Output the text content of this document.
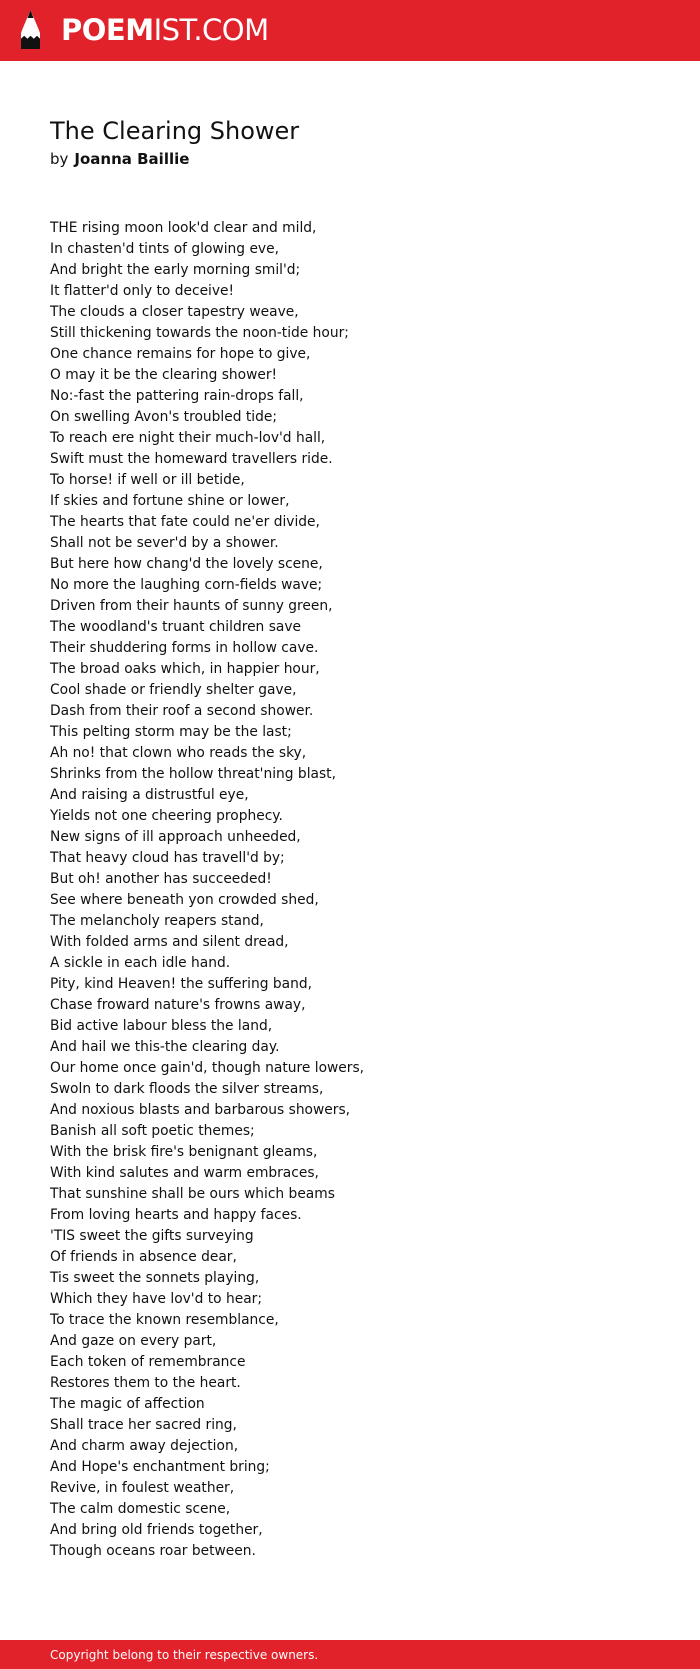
POEMIST.COM
The Clearing Shower
by Joanna Baillie
THE rising moon look'd clear and mild,
In chasten'd tints of glowing eve,
And bright the early morning smil'd;
It flatter'd only to deceive!
The clouds a closer tapestry weave,
Still thickening towards the noon-tide hour;
One chance remains for hope to give,
O may it be the clearing shower!
No:-fast the pattering rain-drops fall,
On swelling Avon's troubled tide;
To reach ere night their much-lov'd hall,
Swift must the homeward travellers ride.
To horse! if well or ill betide,
If skies and fortune shine or lower,
The hearts that fate could ne'er divide,
Shall not be sever'd by a shower.
But here how chang'd the lovely scene,
No more the laughing corn-fields wave;
Driven from their haunts of sunny green,
The woodland's truant children save
Their shuddering forms in hollow cave.
The broad oaks which, in happier hour,
Cool shade or friendly shelter gave,
Dash from their roof a second shower.
This pelting storm may be the last;
Ah no! that clown who reads the sky,
Shrinks from the hollow threat'ning blast,
And raising a distrustful eye,
Yields not one cheering prophecy.
New signs of ill approach unheeded,
That heavy cloud has travell'd by;
But oh! another has succeeded!
See where beneath yon crowded shed,
The melancholy reapers stand,
With folded arms and silent dread,
A sickle in each idle hand.
Pity, kind Heaven! the suffering band,
Chase froward nature's frowns away,
Bid active labour bless the land,
And hail we this-the clearing day.
Our home once gain'd, though nature lowers,
Swoln to dark floods the silver streams,
And noxious blasts and barbarous showers,
Banish all soft poetic themes;
With the brisk fire's benignant gleams,
With kind salutes and warm embraces,
That sunshine shall be ours which beams
From loving hearts and happy faces.
'TIS sweet the gifts surveying
Of friends in absence dear,
Tis sweet the sonnets playing,
Which they have lov'd to hear;
To trace the known resemblance,
And gaze on every part,
Each token of remembrance
Restores them to the heart.
The magic of affection
Shall trace her sacred ring,
And charm away dejection,
And Hope's enchantment bring;
Revive, in foulest weather,
The calm domestic scene,
And bring old friends together,
Though oceans roar between.
Copyright belong to their respective owners.
